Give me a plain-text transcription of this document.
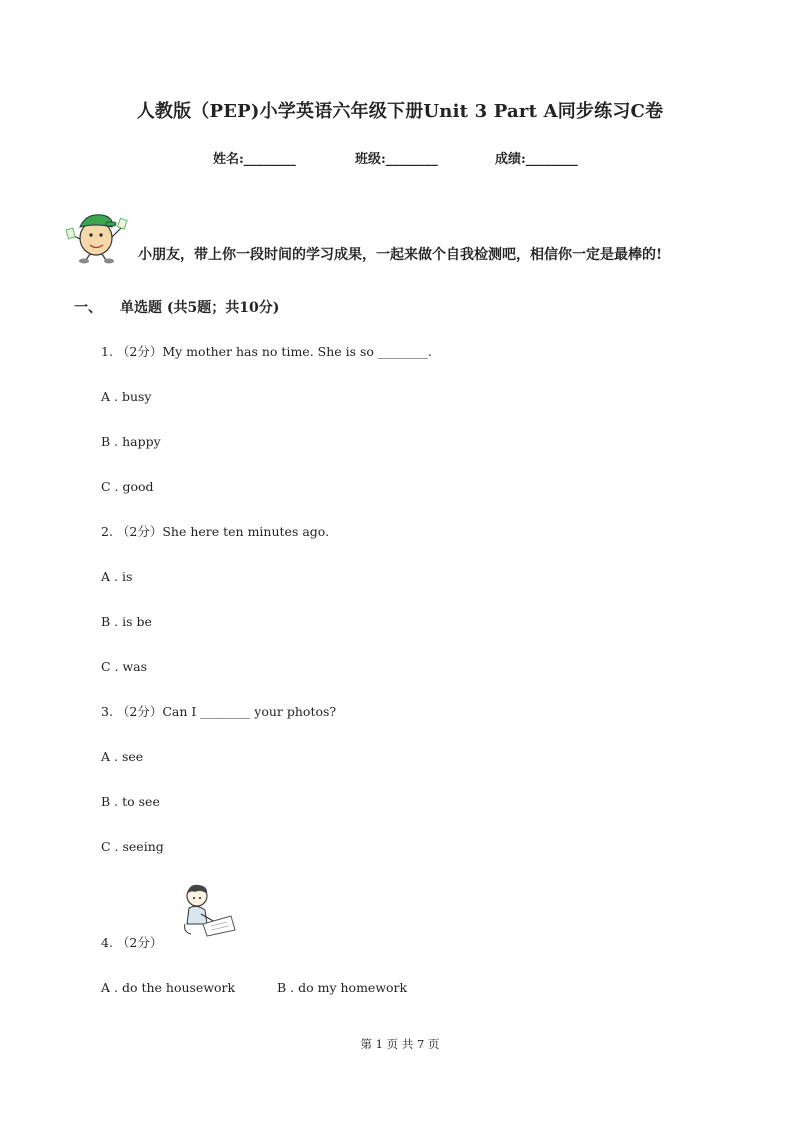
人教版（PEP)小学英语六年级下册Unit 3 Part A同步练习C卷
姓名:________	班级:________	成绩:________
小朋友，带上你一段时间的学习成果，一起来做个自我检测吧，相信你一定是最棒的!
一、 单选题 (共5题；共10分)
1. （2分）My mother has no time. She is so ________.
A . busy
B . happy
C . good
2. （2分）She here ten minutes ago.
A . is
B . is be
C . was
3. （2分）Can I ________ your photos?
A . see
B . to see
C . seeing
4. （2分）
A . do the housework	B . do my homework
第 1 页 共 7 页
